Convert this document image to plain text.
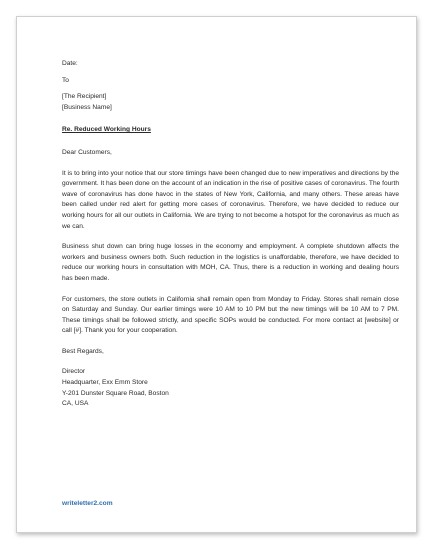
Date:
To
[The Recipient]
[Business Name]
Re. Reduced Working Hours
Dear Customers,

It is to bring into your notice that our store timings have been changed due to new imperatives and directions by the government. It has been done on the account of an indication in the rise of positive cases of coronavirus. The fourth wave of coronavirus has done havoc in the states of New York, California, and many others. These areas have been called under red alert for getting more cases of coronavirus. Therefore, we have decided to reduce our working hours for all our outlets in California. We are trying to not become a hotspot for the coronavirus as much as we can.

Business shut down can bring huge losses in the economy and employment. A complete shutdown affects the workers and business owners both. Such reduction in the logistics is unaffordable, therefore, we have decided to reduce our working hours in consultation with MOH, CA. Thus, there is a reduction in working and dealing hours has been made.

For customers, the store outlets in California shall remain open from Monday to Friday. Stores shall remain close on Saturday and Sunday. Our earlier timings were 10 AM to 10 PM but the new timings will be 10 AM to 7 PM. These timings shall be followed strictly, and specific SOPs would be conducted. For more contact at [website] or call [#]. Thank you for your cooperation.

Best Regards,
Director
Headquarter, Exx Emm Store
Y-201 Dunster Square Road, Boston
CA, USA
writeletter2.com
